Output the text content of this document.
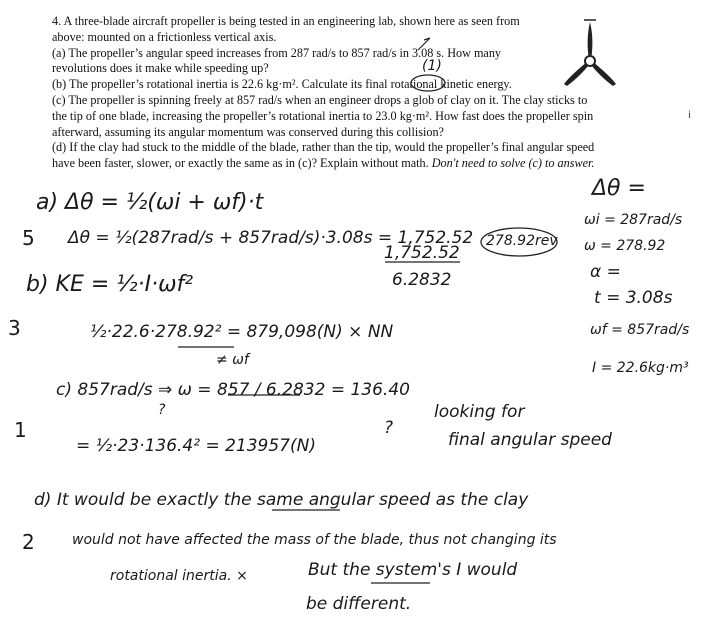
4. A three-blade aircraft propeller is being tested in an engineering lab, shown here as seen from

above: mounted on a frictionless vertical axis.

(a) The propeller’s angular speed increases from 287 rad/s to 857 rad/s in 3.08 s. How many

revolutions does it make while speeding up?

(b) The propeller’s rotational inertia is 22.6 kg·m². Calculate its final rotational kinetic energy.

(c) The propeller is spinning freely at 857 rad/s when an engineer drops a glob of clay on it. The clay sticks to

the tip of one blade, increasing the propeller’s rotational inertia to 23.0 kg·m². How fast does the propeller spin

afterward, assuming its angular momentum was conserved during this collision?

(d) If the clay had stuck to the middle of the blade, rather than the tip, would the propeller’s final angular speed

have been faster, slower, or exactly the same as in (c)? Explain without math. Don't need to solve (c) to answer.

(1)
a) Δθ = ½(ωi + ωf)·t
Δθ = ½(287rad/s + 857rad/s)·3.08s = 1,752.52
1,752.52
6.2832
278.92rev
b) KE = ½·I·ωf²
½·22.6·278.92² = 879,098(N) × NN
≠ ωf
c) 857rad/s ⇒ ω = 857 / 6.2832 = 136.40
?
= ½·23·136.4² = 213957(N)
?
looking for
final angular speed
d) It would be exactly the same angular speed as the clay
would not have affected the mass of the blade, thus not changing its
rotational inertia. ×	But the system's I would
be different.
Δθ =
ωi = 287rad/s
ω = 278.92
α =
t = 3.08s
ωf = 857rad/s
I = 22.6kg·m³
ⅰ
5
3
1
2
